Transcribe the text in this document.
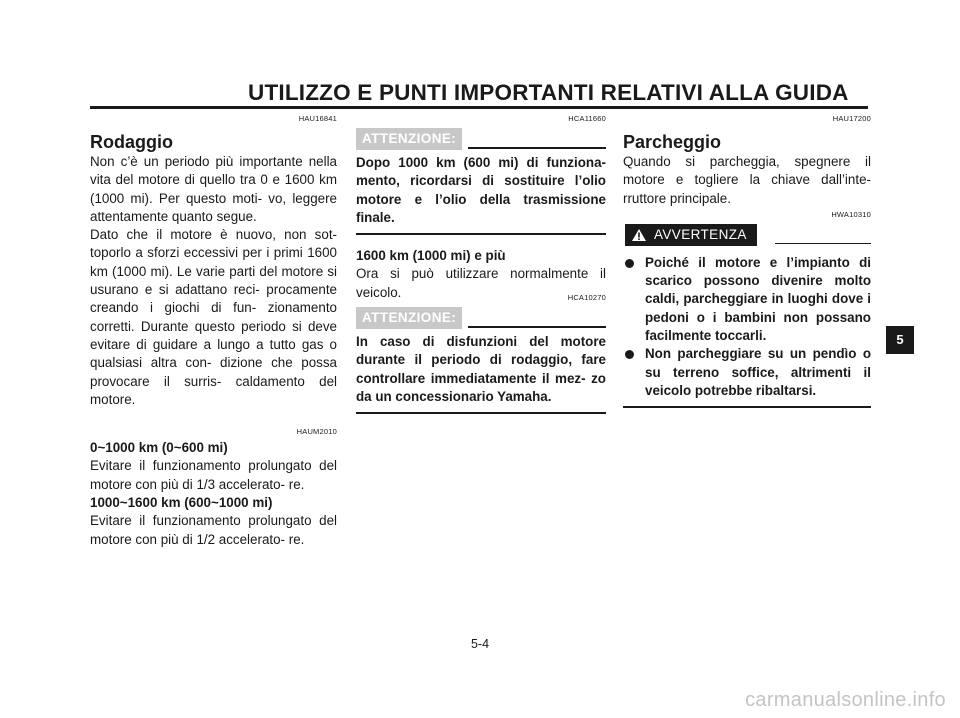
UTILIZZO E PUNTI IMPORTANTI RELATIVI ALLA GUIDA
HAU16841
Rodaggio

Non c’è un periodo più importante nella vita del motore di quello tra 0 e 1600 km (1000 mi). Per questo moti- vo, leggere attentamente quanto segue.

Dato che il motore è nuovo, non sot- toporlo a sforzi eccessivi per i primi 1600 km (1000 mi). Le varie parti del motore si usurano e si adattano reci- procamente creando i giochi di fun- zionamento corretti. Durante questo periodo si deve evitare di guidare a lungo a tutto gas o qualsiasi altra con- dizione che possa provocare il surris- caldamento del motore.

HAUM2010

0~1000 km (0~600 mi)

Evitare il funzionamento prolungato del motore con più di 1/3 accelerato- re.

1000~1600 km (600~1000 mi)

Evitare il funzionamento prolungato del motore con più di 1/2 accelerato- re.

HCA11660
ATTENZIONE:

Dopo 1000 km (600 mi) di funziona- mento, ricordarsi di sostituire l’olio motore e l’olio della trasmissione finale.

1600 km (1000 mi) e più

Ora si può utilizzare normalmente il veicolo.	HCA10270
ATTENZIONE:

In caso di disfunzioni del motore durante il periodo di rodaggio, fare controllare immediatamente il mez- zo da un concessionario Yamaha.

HAU17200
Parcheggio

Quando si parcheggia, spegnere il motore e togliere la chiave dall’inte- rruttore principale.

HWA10310
AVVERTENZA
Poiché il motore e l’impianto di scarico possono divenire molto caldi, parcheggiare in luoghi dove i pedoni o i bambini non possano facilmente toccarli.
Non parcheggiare su un pendìo o su terreno soffice, altrimenti il veicolo potrebbe ribaltarsi.
5
5-4
carmanualsonline.info
